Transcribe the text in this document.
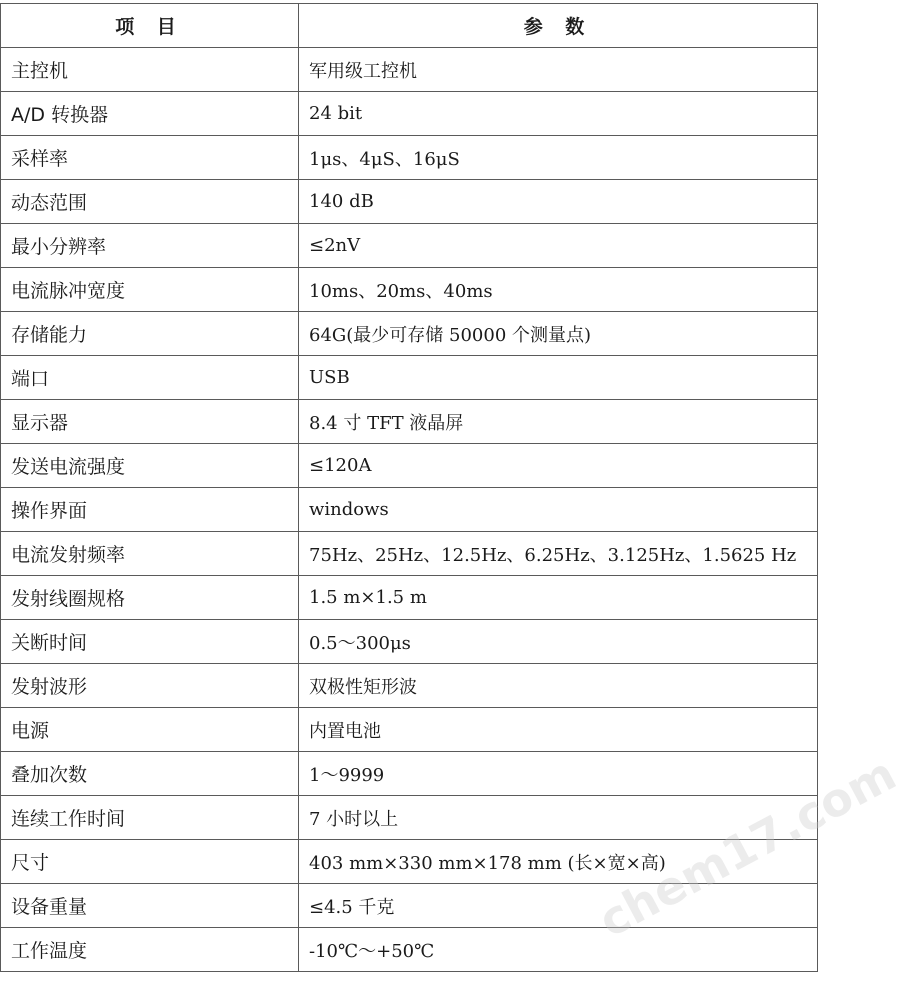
项 目	参 数
主控机	军用级工控机
A/D 转换器	24 bit
采样率	1μs、4μS、16μS
动态范围	140 dB
最小分辨率	≤2nV
电流脉冲宽度	10ms、20ms、40ms
存储能力	64G(最少可存储 50000 个测量点)
端口	USB
显示器	8.4 寸 TFT 液晶屏
发送电流强度	≤120A
操作界面	windows
电流发射频率	75Hz、25Hz、12.5Hz、6.25Hz、3.125Hz、1.5625 Hz
发射线圈规格	1.5 m×1.5 m
关断时间	0.5～300μs
发射波形	双极性矩形波
电源	内置电池
叠加次数	1～9999
连续工作时间	7 小时以上
尺寸	403 mm×330 mm×178 mm (长×宽×高)
设备重量	≤4.5 千克
工作温度	-10℃～+50℃
chem17.com
